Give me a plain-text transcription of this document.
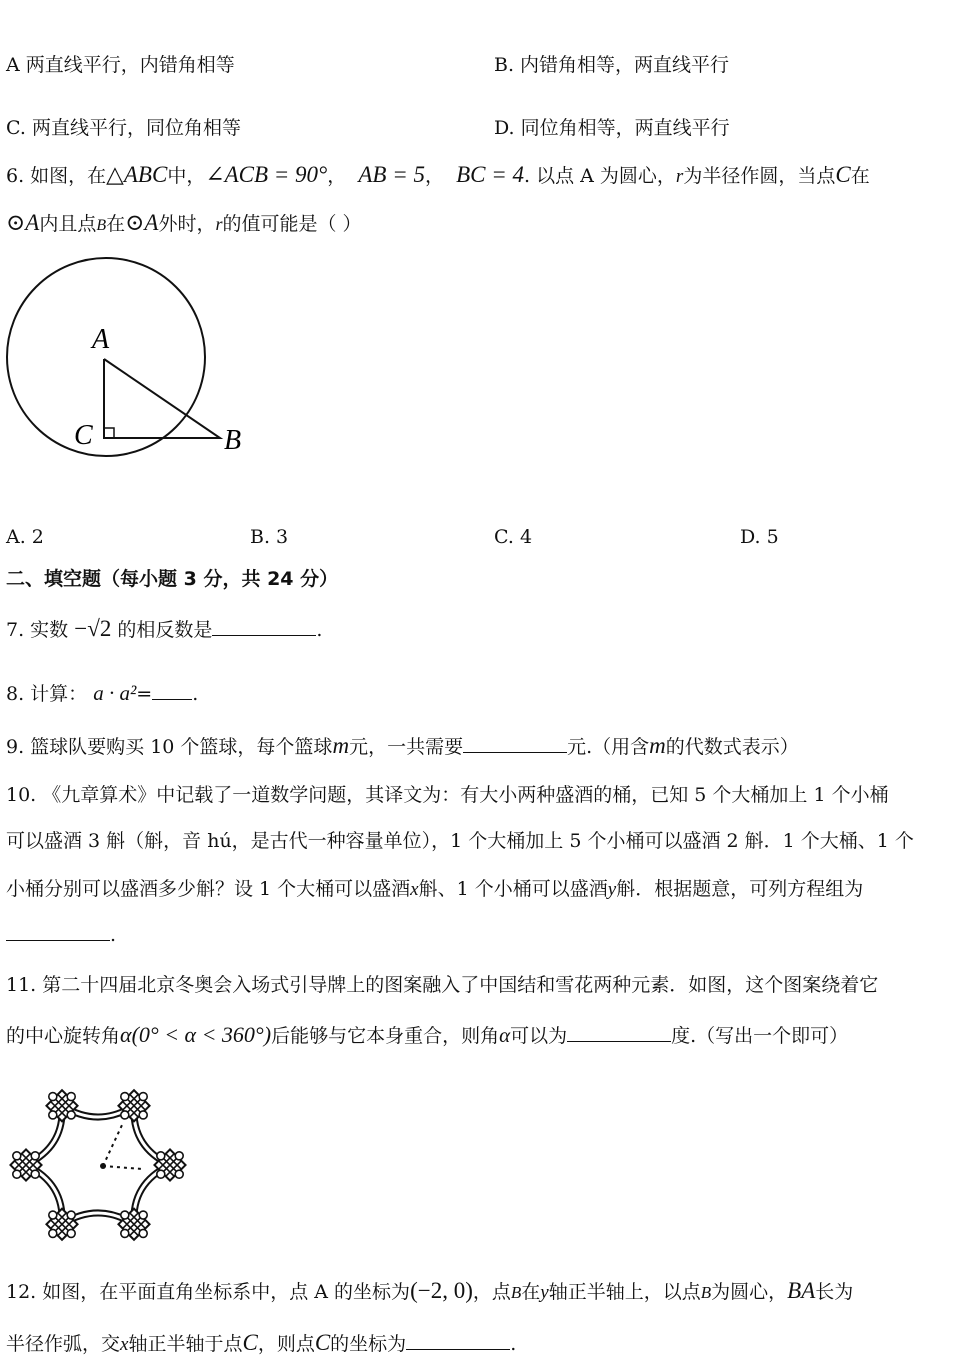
A 两直线平行，内错角相等	B. 内错角相等，两直线平行
C. 两直线平行，同位角相等	D. 同位角相等，两直线平行
6. 如图，在△ABC中，∠ACB = 90°， AB = 5， BC = 4. 以点 A 为圆心，r为半径作圆，当点C在
⊙A内且点B在⊙A外时，r的值可能是（ ）
A
C	B
A. 2	B. 3	C. 4	D. 5
二、填空题（每小题 3 分，共 24 分）
7. 实数 −√2 的相反数是	.
8. 计算： a · a²= .
9. 篮球队要购买 10 个篮球，每个篮球m元，一共需要	元.（用含m的代数式表示）
10. 《九章算术》中记载了一道数学问题，其译文为：有大小两种盛酒的桶，已知 5 个大桶加上 1 个小桶
可以盛酒 3 斛（斛，音 hú，是古代一种容量单位），1 个大桶加上 5 个小桶可以盛酒 2 斛．1 个大桶、1 个
小桶分别可以盛酒多少斛？设 1 个大桶可以盛酒x斛、1 个小桶可以盛酒y斛．根据题意，可列方程组为
.
11. 第二十四届北京冬奥会入场式引导牌上的图案融入了中国结和雪花两种元素．如图，这个图案绕着它
的中心旋转角α(0° < α < 360°)后能够与它本身重合，则角α可以为	度.（写出一个即可）
12. 如图，在平面直角坐标系中，点 A 的坐标为(−2, 0)，点B在y轴正半轴上，以点B为圆心，BA长为
半径作弧，交x轴正半轴于点C，则点C的坐标为	.
